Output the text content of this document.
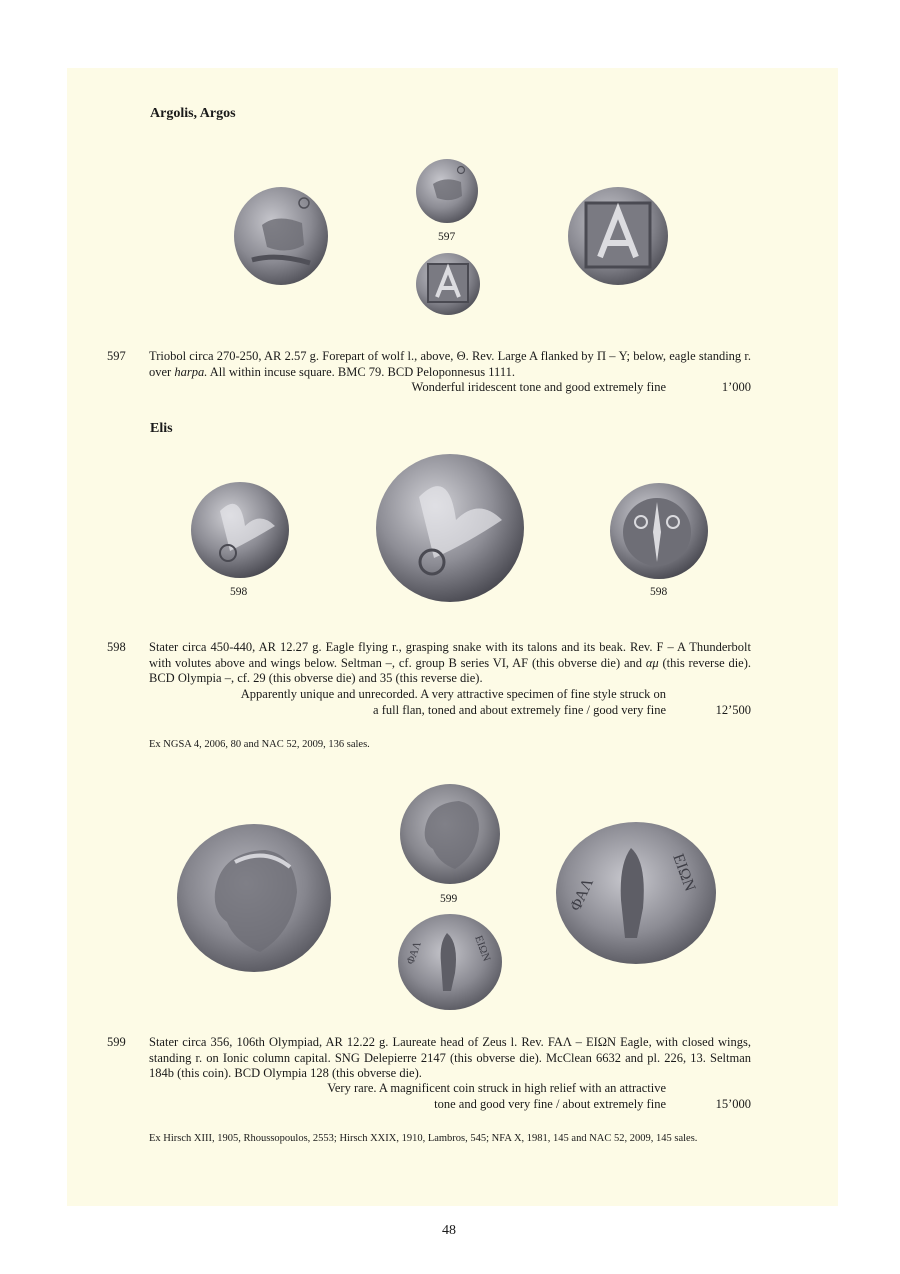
Argolis, Argos
597
597 Triobol circa 270-250, AR 2.57 g. Forepart of wolf l., above, Θ. Rev. Large A flanked by Π – Y; below, eagle standing r. over harpa. All within incuse square. BMC 79. BCD Peloponnesus 1111.

Wonderful iridescent tone and good extremely fine	1’000
Elis
598	598
598 Stater circa 450-440, AR 12.27 g. Eagle flying r., grasping snake with its talons and its beak. Rev. F – A Thunderbolt with volutes above and wings below. Seltman –, cf. group B series VI, AF (this obverse die) and αμ (this reverse die). BCD Olympia –, cf. 29 (this obverse die) and 35 (this reverse die).

Apparently unique and unrecorded. A very attractive specimen of fine style struck on
a full flan, toned and about extremely fine / good very fine	12’500
Ex NGSA 4, 2006, 80 and NAC 52, 2009, 136 sales.
599
ΦΑΛ	ΕΙΩΝ
ΦΑΛ
ΕΙΩΝ
599 Stater circa 356, 106th Olympiad, AR 12.22 g. Laureate head of Zeus l. Rev. FAΛ – EIΩN Eagle, with closed wings, standing r. on Ionic column capital. SNG Delepierre 2147 (this obverse die). McClean 6632 and pl. 226, 13. Seltman 184b (this coin). BCD Olympia 128 (this obverse die).

Very rare. A magnificent coin struck in high relief with an attractive
tone and good very fine / about extremely fine	15’000
Ex Hirsch XIII, 1905, Rhoussopoulos, 2553; Hirsch XXIX, 1910, Lambros, 545; NFA X, 1981, 145 and NAC 52, 2009, 145 sales.
48
